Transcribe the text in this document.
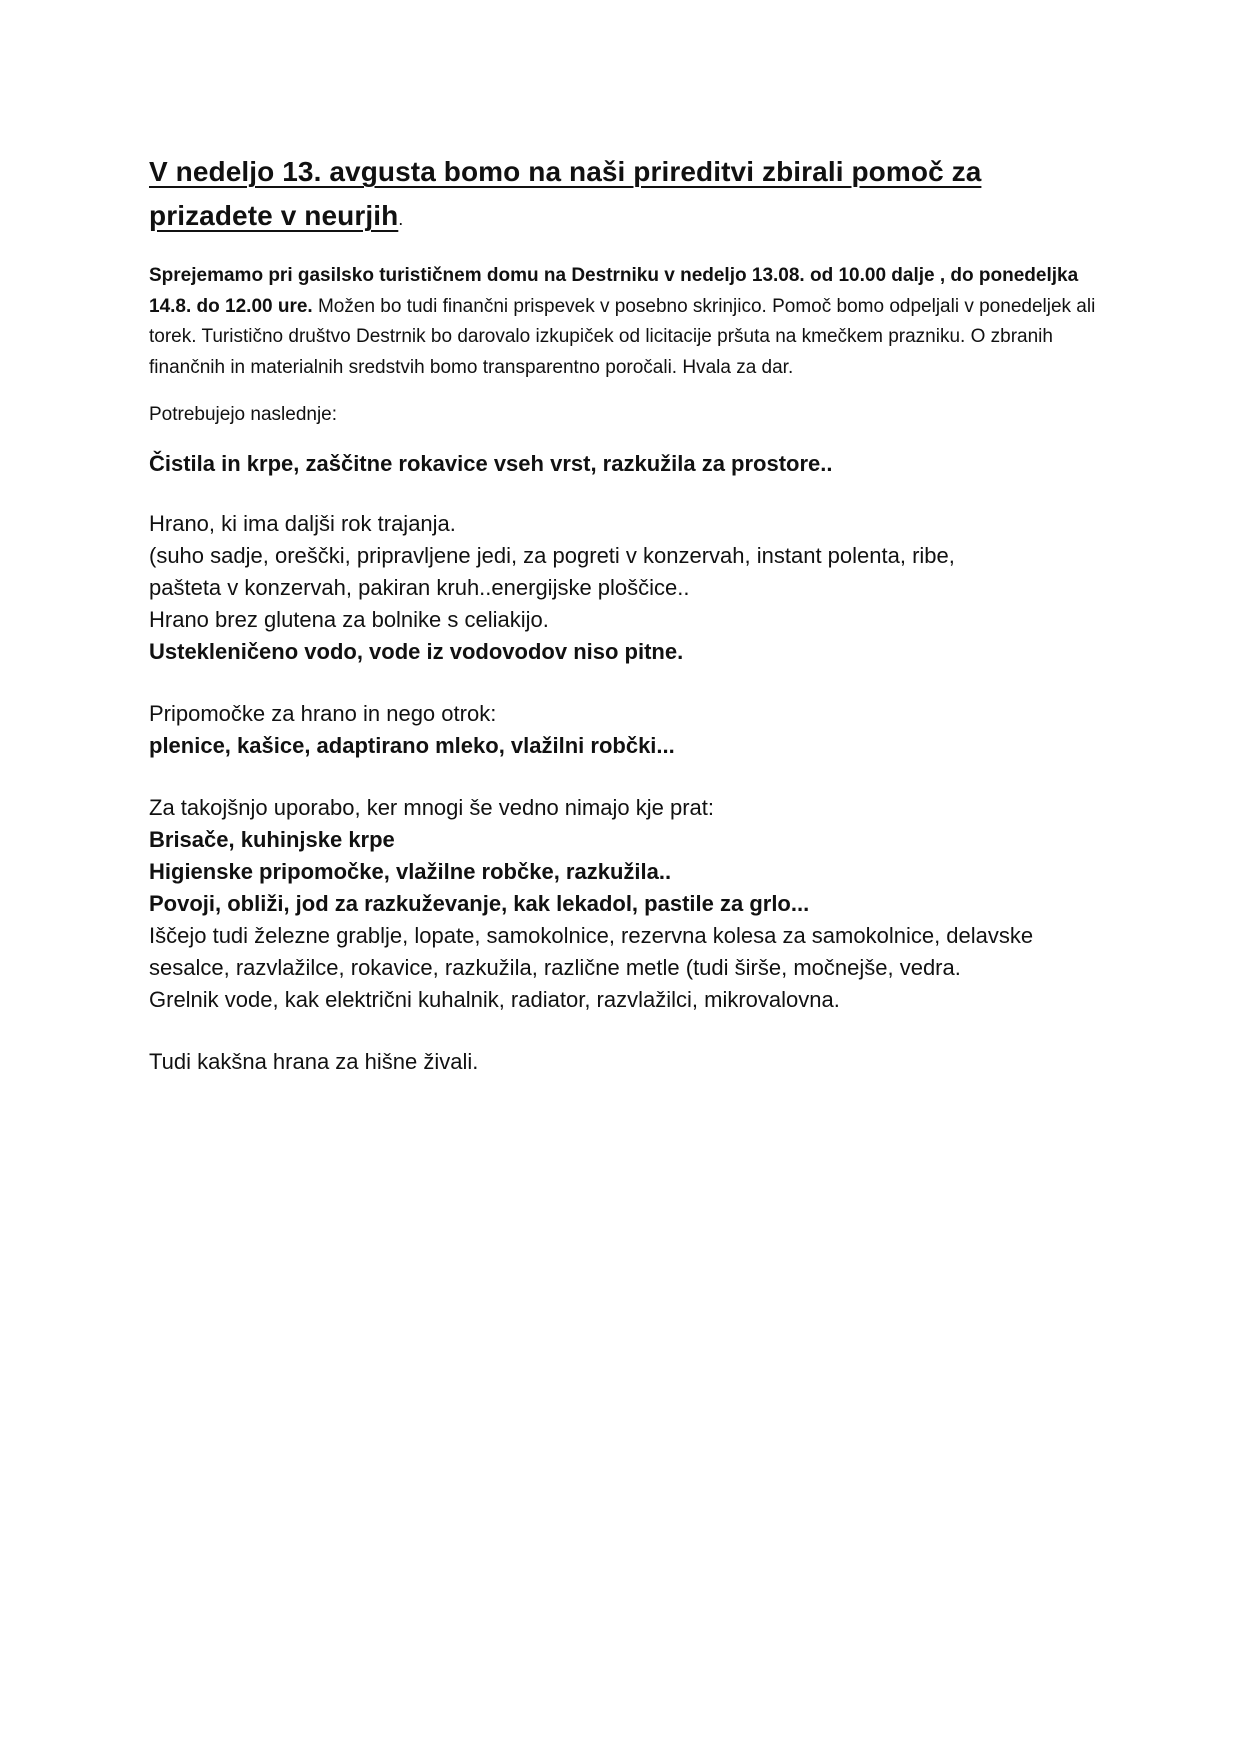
V nedeljo 13. avgusta bomo na naši prireditvi zbirali pomoč za prizadete v neurjih.

Sprejemamo pri gasilsko turističnem domu na Destrniku v nedeljo 13.08. od 10.00 dalje , do ponedeljka 14.8. do 12.00 ure. Možen bo tudi finančni prispevek v posebno skrinjico. Pomoč bomo odpeljali v ponedeljek ali torek. Turistično društvo Destrnik bo darovalo izkupiček od licitacije pršuta na kmečkem prazniku. O zbranih finančnih in materialnih sredstvih bomo transparentno poročali. Hvala za dar.

Potrebujejo naslednje:

Čistila in krpe, zaščitne rokavice vseh vrst, razkužila za prostore..

Hrano, ki ima daljši rok trajanja.

(suho sadje, oreščki, pripravljene jedi, za pogreti v konzervah, instant polenta, ribe,

pašteta v konzervah, pakiran kruh..energijske ploščice..

Hrano brez glutena za bolnike s celiakijo.

Ustekleničeno vodo, vode iz vodovodov niso pitne.

Pripomočke za hrano in nego otrok:

plenice, kašice, adaptirano mleko, vlažilni robčki...

Za takojšnjo uporabo, ker mnogi še vedno nimajo kje prat:

Brisače, kuhinjske krpe

Higienske pripomočke, vlažilne robčke, razkužila..

Povoji, obliži, jod za razkuževanje, kak lekadol, pastile za grlo...

Iščejo tudi železne grablje, lopate, samokolnice, rezervna kolesa za samokolnice, delavske

sesalce, razvlažilce, rokavice, razkužila, različne metle (tudi širše, močnejše, vedra.

Grelnik vode, kak električni kuhalnik, radiator, razvlažilci, mikrovalovna.

Tudi kakšna hrana za hišne živali.
